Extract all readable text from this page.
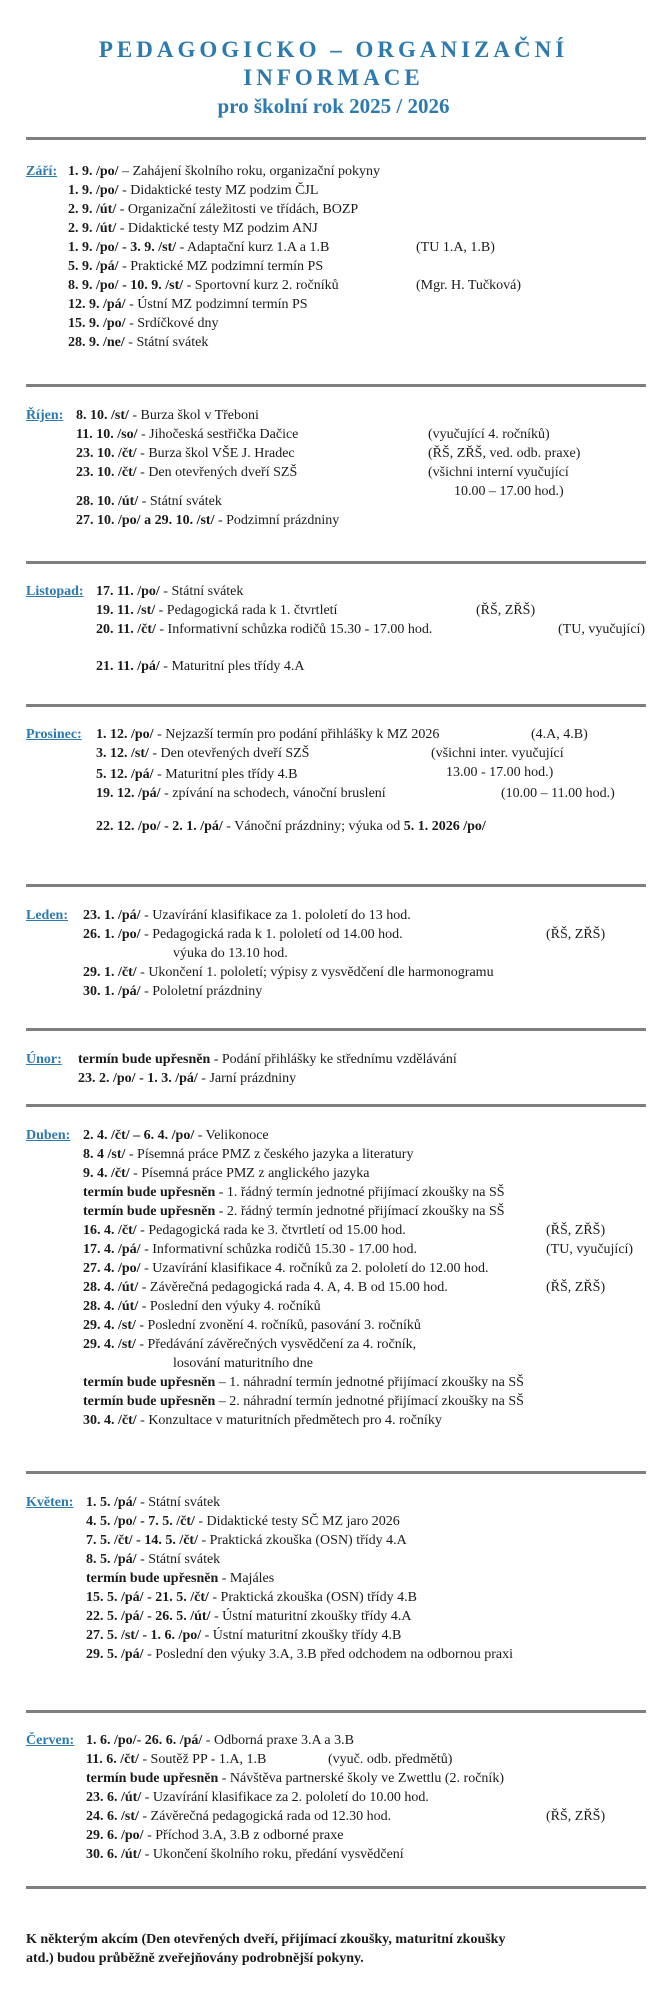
PEDAGOGICKO – ORGANIZAČNÍ

INFORMACE

pro školní rok 2025 / 2026

Září: 1. 9. /po/ – Zahájení školního roku, organizační pokyny
1. 9. /po/ - Didaktické testy MZ podzim ČJL
2. 9. /út/ - Organizační záležitosti ve třídách, BOZP
2. 9. /út/ - Didaktické testy MZ podzim ANJ
1. 9. /po/ - 3. 9. /st/ - Adaptační kurz 1.A a 1.B	(TU 1.A, 1.B)
5. 9. /pá/ - Praktické MZ podzimní termín PS
8. 9. /po/ - 10. 9. /st/ - Sportovní kurz 2. ročníků	(Mgr. H. Tučková)
12. 9. /pá/ - Ústní MZ podzimní termín PS
15. 9. /po/ - Srdíčkové dny
28. 9. /ne/ - Státní svátek
Říjen: 8. 10. /st/ - Burza škol v Třeboni
11. 10. /so/ - Jihočeská sestřička Dačice	(vyučující 4. ročníků)
23. 10. /čt/ - Burza škol VŠE J. Hradec	(ŘŠ, ZŘŠ, ved. odb. praxe)
23. 10. /čt/ - Den otevřených dveří SZŠ	(všichni interní vyučující
10.00 – 17.00 hod.)
28. 10. /út/ - Státní svátek
27. 10. /po/ a 29. 10. /st/ - Podzimní prázdniny
Listopad: 17. 11. /po/ - Státní svátek
19. 11. /st/ - Pedagogická rada k 1. čtvrtletí	(ŘŠ, ZŘŠ)
20. 11. /čt/ - Informativní schůzka rodičů 15.30 - 17.00 hod.	(TU, vyučující)
21. 11. /pá/ - Maturitní ples třídy 4.A
Prosinec:	1. 12. /po/ - Nejzazší termín pro podání přihlášky k MZ 2026	(4.A, 4.B)
3. 12. /st/ - Den otevřených dveří SZŠ	(všichni inter. vyučující
13.00 - 17.00 hod.)
5. 12. /pá/ - Maturitní ples třídy 4.B
19. 12. /pá/ - zpívání na schodech, vánoční bruslení	(10.00 – 11.00 hod.)
22. 12. /po/ - 2. 1. /pá/ - Vánoční prázdniny; výuka od 5. 1. 2026 /po/
Leden:	23. 1. /pá/ - Uzavírání klasifikace za 1. pololetí do 13 hod.
26. 1. /po/ - Pedagogická rada k 1. pololetí od 14.00 hod.	(ŘŠ, ZŘŠ)
výuka do 13.10 hod.
29. 1. /čt/ - Ukončení 1. pololetí; výpisy z vysvědčení dle harmonogramu
30. 1. /pá/ - Pololetní prázdniny
Únor:	termín bude upřesněn - Podání přihlášky ke střednímu vzdělávání
23. 2. /po/ - 1. 3. /pá/ - Jarní prázdniny
Duben: 2. 4. /čt/ – 6. 4. /po/ - Velikonoce
8. 4 /st/ - Písemná práce PMZ z českého jazyka a literatury
9. 4. /čt/ - Písemná práce PMZ z anglického jazyka
termín bude upřesněn - 1. řádný termín jednotné přijímací zkoušky na SŠ
termín bude upřesněn - 2. řádný termín jednotné přijímací zkoušky na SŠ
16. 4. /čt/ - Pedagogická rada ke 3. čtvrtletí od 15.00 hod.	(ŘŠ, ZŘŠ)
17. 4. /pá/ - Informativní schůzka rodičů 15.30 - 17.00 hod.	(TU, vyučující)
27. 4. /po/ - Uzavírání klasifikace 4. ročníků za 2. pololetí do 12.00 hod.
28. 4. /út/ - Závěrečná pedagogická rada 4. A, 4. B od 15.00 hod.	(ŘŠ, ZŘŠ)
28. 4. /út/ - Poslední den výuky 4. ročníků
29. 4. /st/ - Poslední zvonění 4. ročníků, pasování 3. ročníků
29. 4. /st/ - Předávání závěrečných vysvědčení za 4. ročník,
losování maturitního dne
termín bude upřesněn – 1. náhradní termín jednotné přijímací zkoušky na SŠ
termín bude upřesněn – 2. náhradní termín jednotné přijímací zkoušky na SŠ
30. 4. /čt/ - Konzultace v maturitních předmětech pro 4. ročníky
Květen: 1. 5. /pá/ - Státní svátek
4. 5. /po/ - 7. 5. /čt/ - Didaktické testy SČ MZ jaro 2026
7. 5. /čt/ - 14. 5. /čt/ - Praktická zkouška (OSN) třídy 4.A
8. 5. /pá/ - Státní svátek
termín bude upřesněn - Majáles
15. 5. /pá/ - 21. 5. /čt/ - Praktická zkouška (OSN) třídy 4.B
22. 5. /pá/ - 26. 5. /út/ - Ústní maturitní zkoušky třídy 4.A
27. 5. /st/ - 1. 6. /po/ - Ústní maturitní zkoušky třídy 4.B
29. 5. /pá/ - Poslední den výuky 3.A, 3.B před odchodem na odbornou praxi
Červen: 1. 6. /po/- 26. 6. /pá/ - Odborná praxe 3.A a 3.B
11. 6. /čt/ - Soutěž PP - 1.A, 1.B	(vyuč. odb. předmětů)
termín bude upřesněn - Návštěva partnerské školy ve Zwettlu (2. ročník)
23. 6. /út/ - Uzavírání klasifikace za 2. pololetí do 10.00 hod.
24. 6. /st/ - Závěrečná pedagogická rada od 12.30 hod.	(ŘŠ, ZŘŠ)
29. 6. /po/ - Příchod 3.A, 3.B z odborné praxe
30. 6. /út/ - Ukončení školního roku, předání vysvědčení
K některým akcím (Den otevřených dveří, přijímací zkoušky, maturitní zkoušky
atd.) budou průběžně zveřejňovány podrobnější pokyny.
